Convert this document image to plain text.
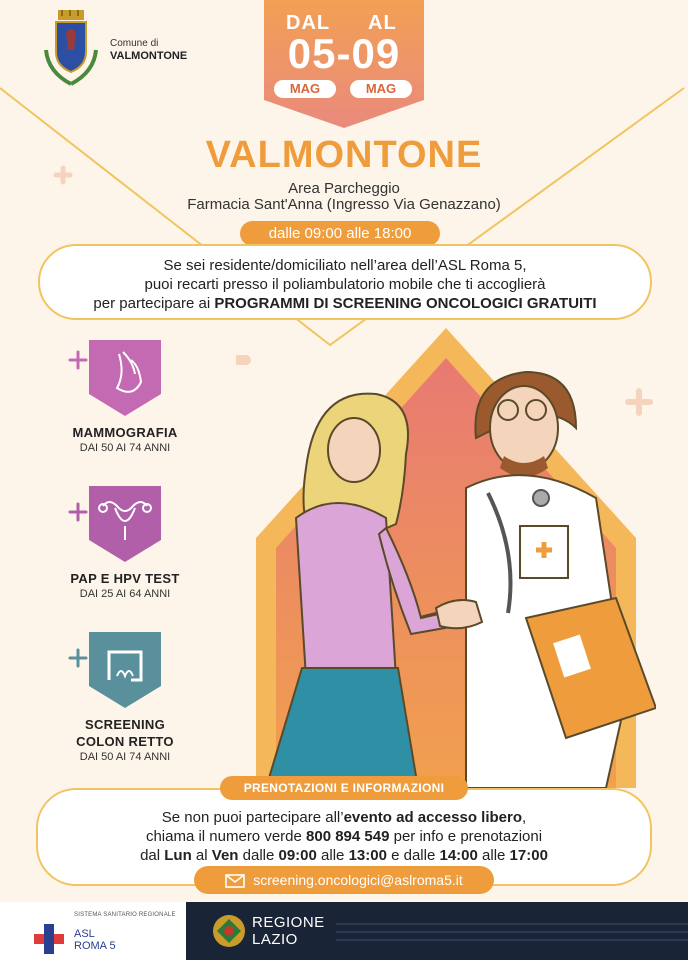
Comune di
VALMONTONE
DAL AL
05-09
MAG	MAG
VALMONTONE
Area Parcheggio
Farmacia Sant'Anna (Ingresso Via Genazzano)
dalle 09:00 alle 18:00
Se sei residente/domiciliato nell’area dell’ASL Roma 5,
puoi recarti presso il poliambulatorio mobile che ti accoglierà
per partecipare ai PROGRAMMI DI SCREENING ONCOLOGICI GRATUITI
MAMMOGRAFIA
DAI 50 AI 74 ANNI
PAP E HPV TEST
DAI 25 AI 64 ANNI
SCREENING
COLON RETTO
DAI 50 AI 74 ANNI
Se non puoi partecipare all’evento ad accesso libero,
chiama il numero verde 800 894 549 per info e prenotazioni
dal Lun al Ven dalle 09:00 alle 13:00 e dalle 14:00 alle 17:00
PRENOTAZIONI E INFORMAZIONI
screening.oncologici@aslroma5.it
SISTEMA SANITARIO REGIONALE
ASL
ROMA 5
REGIONE
LAZIO
